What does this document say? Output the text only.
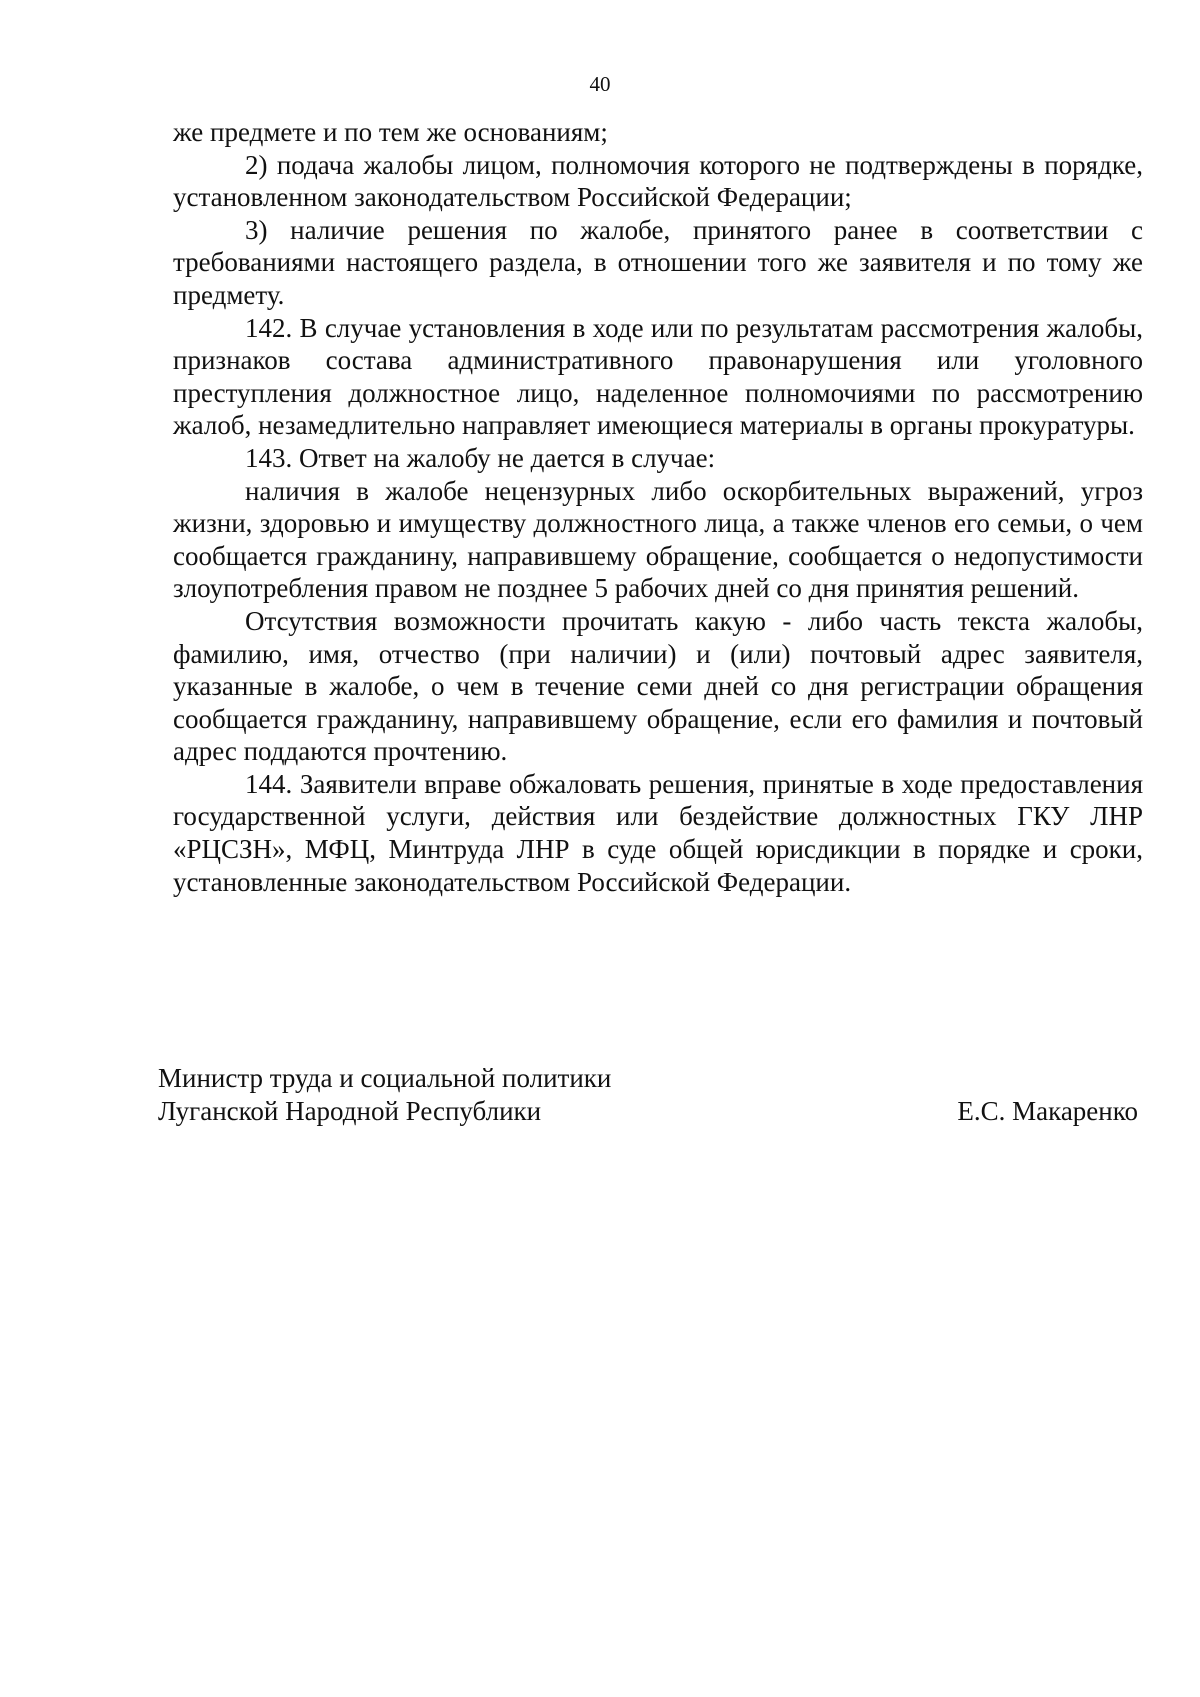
40

же предмете и по тем же основаниям;

2) подача жалобы лицом, полномочия которого не подтверждены в порядке, установленном законодательством Российской Федерации;

3) наличие решения по жалобе, принятого ранее в соответствии с требованиями настоящего раздела, в отношении того же заявителя и по тому же предмету.

142. В случае установления в ходе или по результатам рассмотрения жалобы, признаков состава административного правонарушения или уголовного преступления должностное лицо, наделенное полномочиями по рассмотрению жалоб, незамедлительно направляет имеющиеся материалы в органы прокуратуры.

143. Ответ на жалобу не дается в случае:

наличия в жалобе нецензурных либо оскорбительных выражений, угроз жизни, здоровью и имуществу должностного лица, а также членов его семьи, о чем сообщается гражданину, направившему обращение, сообщается о недопустимости злоупотребления правом не позднее 5 рабочих дней со дня принятия решений.

Отсутствия возможности прочитать какую - либо часть текста жалобы, фамилию, имя, отчество (при наличии) и (или) почтовый адрес заявителя, указанные в жалобе, о чем в течение семи дней со дня регистрации обращения сообщается гражданину, направившему обращение, если его фамилия и почтовый адрес поддаются прочтению.

144. Заявители вправе обжаловать решения, принятые в ходе предоставления государственной услуги, действия или бездействие должностных ГКУ ЛНР «РЦСЗН», МФЦ, Минтруда ЛНР в суде общей юрисдикции в порядке и сроки, установленные законодательством Российской Федерации.

Министр труда и социальной политики
Луганской Народной Республики	Е.С. Макаренко
